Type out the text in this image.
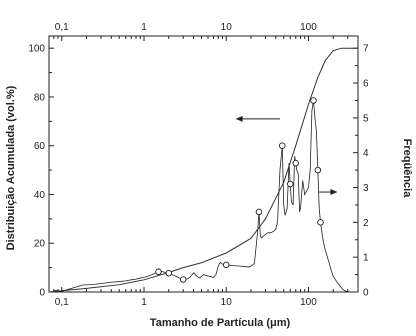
0,1	1	10	100
0,1	1	10	100
0
20
40
60
80
100
0
1
2
3
4
5
6
7
Tamanho de Partícula (μm)
Distribuição Acumulada (vol.%)	Freqüência
